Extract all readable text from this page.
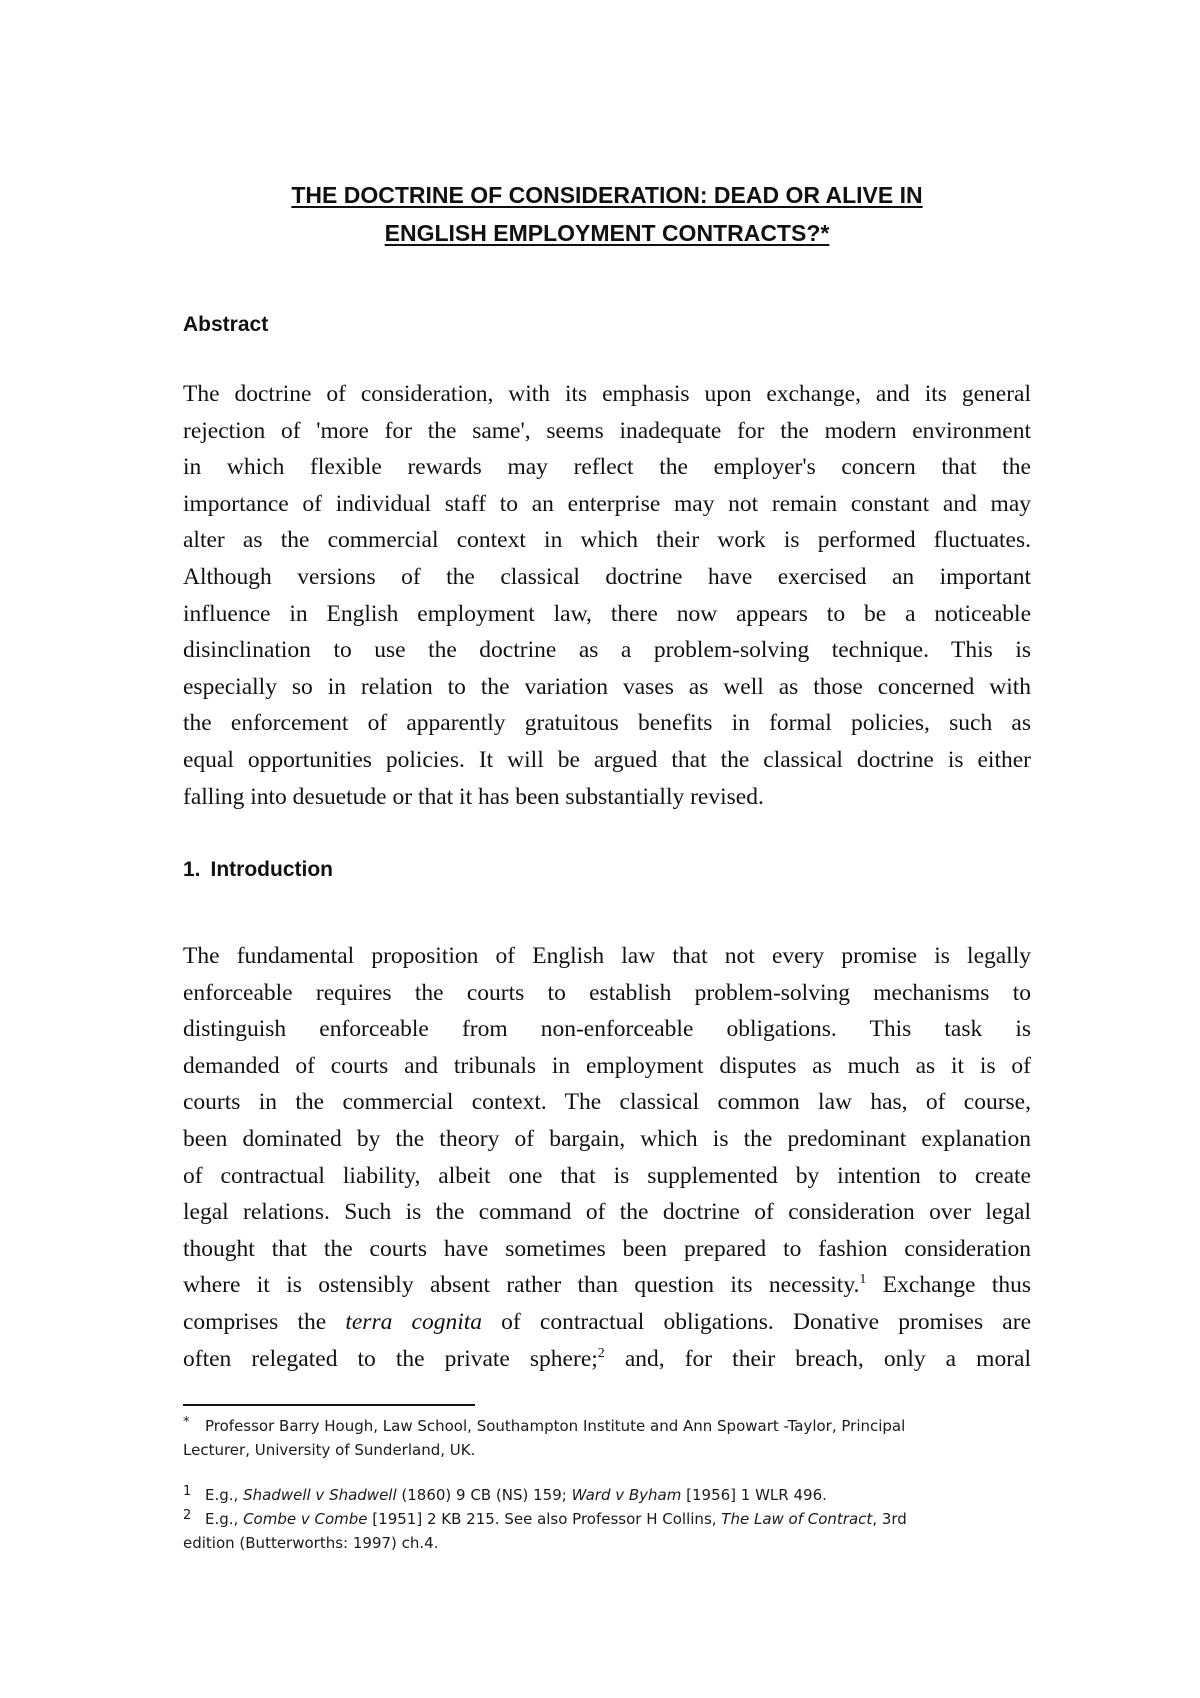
THE DOCTRINE OF CONSIDERATION: DEAD OR ALIVE IN
ENGLISH EMPLOYMENT CONTRACTS?*
Abstract
The doctrine of consideration, with its emphasis upon exchange, and its general
rejection of 'more for the same', seems inadequate for the modern environment
in which flexible rewards may reflect the employer's concern that the
importance of individual staff to an enterprise may not remain constant and may
alter as the commercial context in which their work is performed fluctuates.
Although versions of the classical doctrine have exercised an important
influence in English employment law, there now appears to be a noticeable
disinclination to use the doctrine as a problem-solving technique. This is
especially so in relation to the variation vases as well as those concerned with
the enforcement of apparently gratuitous benefits in formal policies, such as
equal opportunities policies. It will be argued that the classical doctrine is either
falling into desuetude or that it has been substantially revised.
1. Introduction
The fundamental proposition of English law that not every promise is legally
enforceable requires the courts to establish problem-solving mechanisms to
distinguish enforceable from non-enforceable obligations. This task is
demanded of courts and tribunals in employment disputes as much as it is of
courts in the commercial context. The classical common law has, of course,
been dominated by the theory of bargain, which is the predominant explanation
of contractual liability, albeit one that is supplemented by intention to create
legal relations. Such is the command of the doctrine of consideration over legal
thought that the courts have sometimes been prepared to fashion consideration
where it is ostensibly absent rather than question its necessity.$^1$ Exchange thus
comprises the terra cognita of contractual obligations. Donative promises are
often relegated to the private sphere;$^2$ and, for their breach, only a moral
* Professor Barry Hough, Law School, Southampton Institute and Ann Spowart -Taylor, Principal
Lecturer, University of Sunderland, UK.
1 E.g., Shadwell v Shadwell (1860) 9 CB (NS) 159; Ward v Byham [1956] 1 WLR 496.
2 E.g., Combe v Combe [1951] 2 KB 215. See also Professor H Collins, The Law of Contract, 3rd
edition (Butterworths: 1997) ch.4.
